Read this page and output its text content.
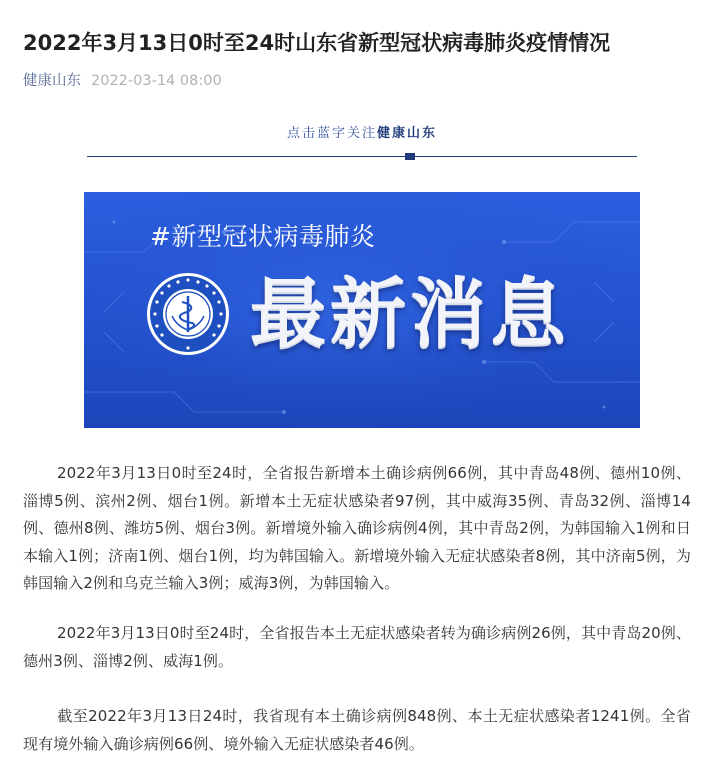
2022年3月13日0时至24时山东省新型冠状病毒肺炎疫情情况
健康山东 2022-03-14 08:00
点击蓝字关注健康山东
#新型冠状病毒肺炎
最新消息

2022年3月13日0时至24时，全省报告新增本土确诊病例66例，其中青岛48例、德州10例、淄博5例、滨州2例、烟台1例。新增本土无症状感染者97例，其中威海35例、青岛32例、淄博14例、德州8例、潍坊5例、烟台3例。新增境外输入确诊病例4例，其中青岛2例，为韩国输入1例和日本输入1例；济南1例、烟台1例，均为韩国输入。新增境外输入无症状感染者8例，其中济南5例，为韩国输入2例和乌克兰输入3例；威海3例，为韩国输入。

2022年3月13日0时至24时，全省报告本土无症状感染者转为确诊病例26例，其中青岛20例、德州3例、淄博2例、威海1例。

截至2022年3月13日24时，我省现有本土确诊病例848例、本土无症状感染者1241例。全省现有境外输入确诊病例66例、境外输入无症状感染者46例。
